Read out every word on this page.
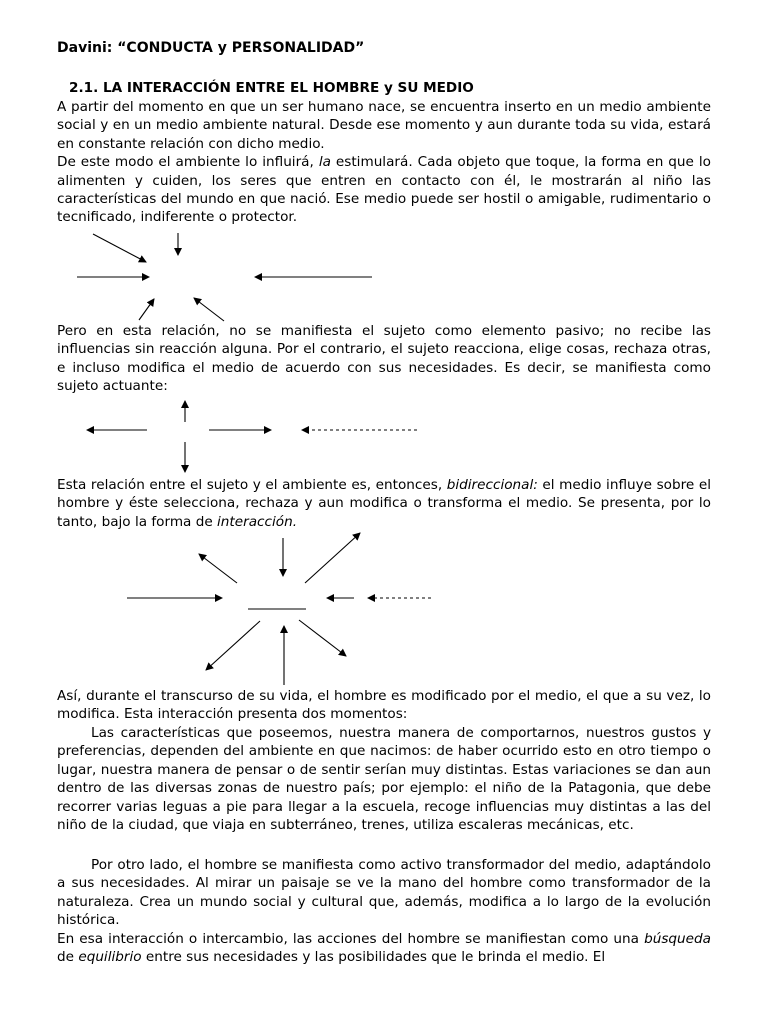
Davini: “CONDUCTA y PERSONALIDAD”
2.1. LA INTERACCIÓN ENTRE EL HOMBRE y SU MEDIO

A partir del momento en que un ser humano nace, se encuentra inserto en un medio ambiente social y en un medio ambiente natural. Desde ese momento y aun durante toda su vida, estará en constante relación con dicho medio.
De este modo el ambiente lo influirá, la estimulará. Cada objeto que toque, la forma en que lo alimenten y cuiden, los seres que entren en contacto con él, le mostrarán al niño las características del mundo en que nació. Ese medio puede ser hostil o amigable, rudimentario o tecnificado, indiferente o protector.

Pero en esta relación, no se manifiesta el sujeto como elemento pasivo; no recibe las influencias sin reacción alguna. Por el contrario, el sujeto reacciona, elige cosas, rechaza otras, e incluso modifica el medio de acuerdo con sus necesidades. Es decir, se manifiesta como sujeto actuante:

Esta relación entre el sujeto y el ambiente es, entonces, bidireccional: el medio influye sobre el hombre y éste selecciona, rechaza y aun modifica o transforma el medio. Se presenta, por lo tanto, bajo la forma de interacción.

Así, durante el transcurso de su vida, el hombre es modificado por el medio, el que a su vez, lo modifica. Esta interacción presenta dos momentos:

Las características que poseemos, nuestra manera de comportarnos, nuestros gustos y preferencias, dependen del ambiente en que nacimos: de haber ocurrido esto en otro tiempo o lugar, nuestra manera de pensar o de sentir serían muy distintas. Estas variaciones se dan aun dentro de las diversas zonas de nuestro país; por ejemplo: el niño de la Patagonia, que debe recorrer varias leguas a pie para llegar a la escuela, recoge influencias muy distintas a las del niño de la ciudad, que viaja en subterráneo, trenes, utiliza escaleras mecánicas, etc.

Por otro lado, el hombre se manifiesta como activo transformador del medio, adaptándolo a sus necesidades. Al mirar un paisaje se ve la mano del hombre como transformador de la naturaleza. Crea un mundo social y cultural que, además, modifica a lo largo de la evolución histórica.

En esa interacción o intercambio, las acciones del hombre se manifiestan como una búsqueda de equilibrio entre sus necesidades y las posibilidades que le brinda el medio. El
